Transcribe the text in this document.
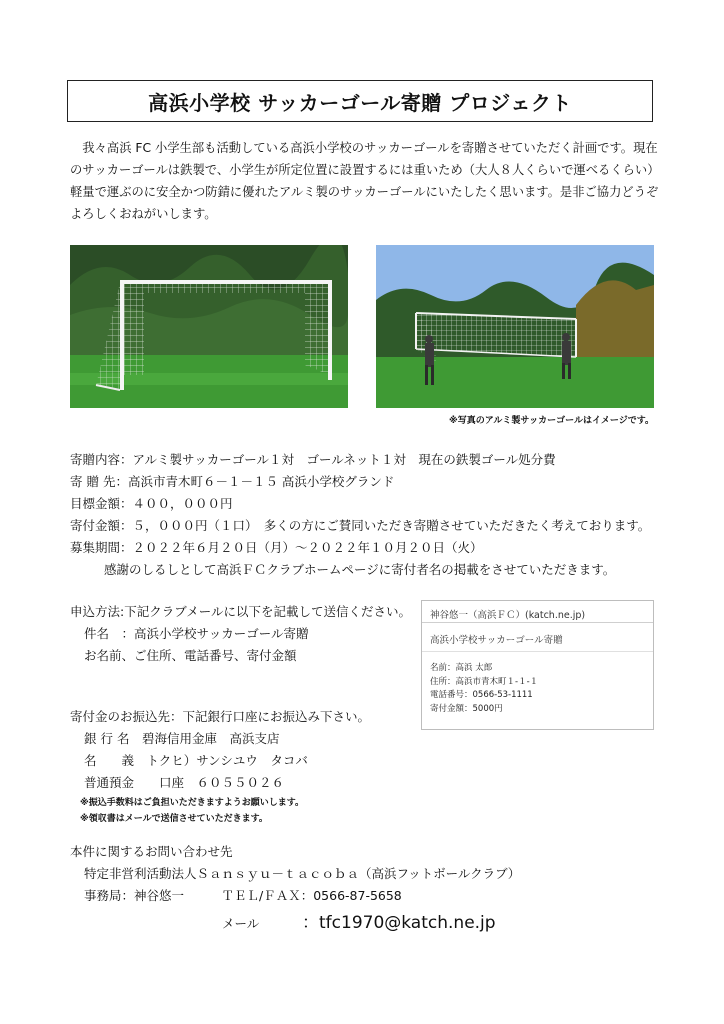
高浜小学校 サッカーゴール寄贈 プロジェクト

我々高浜 FC 小学生部も活動している高浜小学校のサッカーゴールを寄贈させていただく計画です。現在のサッカーゴールは鉄製で、小学生が所定位置に設置するには重いため（大人８人くらいで運べるくらい）軽量で運ぶのに安全かつ防錆に優れたアルミ製のサッカーゴールにいたしたく思います。是非ご協力どうぞよろしくおねがいします。

※写真のアルミ製サッカーゴールはイメージです。
寄贈内容：アルミ製サッカーゴール１対　ゴールネット１対　現在の鉄製ゴール処分費
寄 贈 先：高浜市青木町６－１－１５ 高浜小学校グランド
目標金額：４００，０００円
寄付金額：５，０００円（１口）　多くの方にご賛同いただき寄贈させていただきたく考えております。
募集期間：２０２２年６月２０日（月）～２０２２年１０月２０日（火）
感謝のしるしとして高浜ＦＣクラブホームページに寄付者名の掲載をさせていただきます。
申込方法:下記クラブメールに以下を記載して送信ください。
件名　：高浜小学校サッカーゴール寄贈
お名前、ご住所、電話番号、寄付金額
神谷悠一（高浜ＦＣ）(katch.ne.jp)
高浜小学校サッカーゴール寄贈
名前：高浜 太郎
住所：高浜市青木町１-１-１
電話番号：0566-53-1111
寄付金額：5000円
寄付金のお振込先：下記銀行口座にお振込み下さい。
銀 行 名　碧海信用金庫　高浜支店
名　　義　トクヒ）サンシユウ　タコバ
普通預金　　口座　６０５５０２６
※振込手数料はご負担いただきますようお願いします。
※領収書はメールで送信させていただきます。
本件に関するお問い合わせ先
特定非営利活動法人Ｓａｎｓｙｕ－ｔａｃｏｂａ（高浜フットボールクラブ）
事務局：神谷悠一　　　ＴＥＬ/ＦＡＸ：0566-87-5658
メール	：tfc1970@katch.ne.jp
